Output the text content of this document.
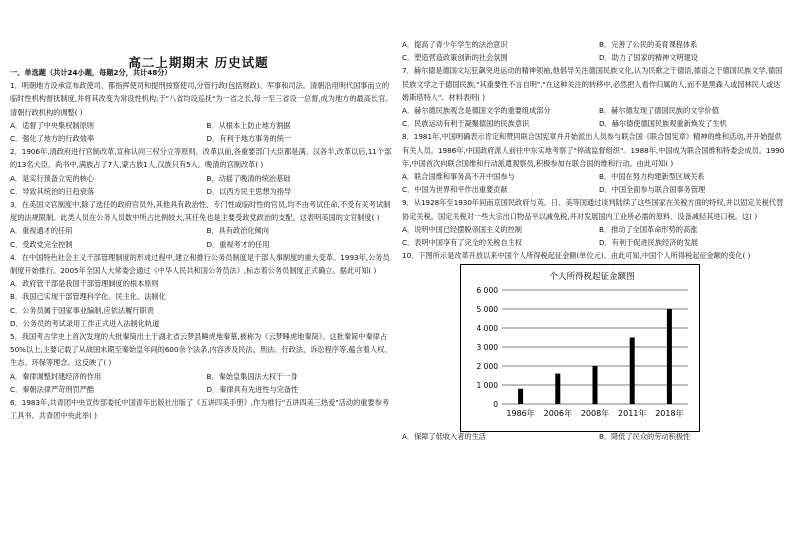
高二上期期末 历史试题
一、单选题（共计24小题，每题2分，共计48分）
1．明朝地方设承宣布政使司、都指挥使司和提刑按察使司,分管行政(包括财政)、军事和司法。清朝沿用明代国事而立的临时性机构督抚制度,并将其改变为常设性机构;于"八省均设巡抚"为一省之长,每一至三省设一总督,成为地方的最高长官。清朝行政机构的调整( )
A．适督了中央集权制原则	B．从根本上防止地方割据
C．强化了地方的行政效率	D．有利于地方事务的统一
2．1906年,清政府进行官制改革,宣称认同三权分立等原则。改革以前,各重要部门大臣都是满、汉各半,改革以后,11个部的13名大臣、尚书中,满族占了7人,蒙古族1人,汉族只有5人。晚清的官制改革( )
A．是实行预备立宪的核心	B．动摇了晚清的统治基础
C．导致其统治的日趋衰落	D．以西方民主思想为指导
3．在美国文官制度中,除了选任的政府官员外,其他具有政治性、专门性或临时性的官员,均不由考试任命,不受有关考试制度的法规限制。此类人员在公务人员数中所占比例较大,其任免也是主要受政党政治的支配。这表明美国的文官制度( )
A．重视通才的任用	B．具有政治化倾向
C．受政党完全控制	D．重视考才的任用
4．在中国特色社会主义干部管理制度的形成过程中,建立和推行公务员制度是干部人事制度的重大变革。1993年,公务员制度开始推行。2005年全国人大常委会通过《中华人民共和国公务员法》,标志着公务员制度正式确立。据此可知( )
A．政府管干部是我国干部管理制度的根本原则
B．我国已实现干部管理科学化、民主化、法制化
C．公务员属于国家事业编制,应依法履行职责
D．公务员的考试录用工作正式进入法制化轨道
5．我国考古学史上首次发现的大批秦简出土于湖北省云梦县睡虎地秦墓,被称为《云梦睡虎地秦简》。这批秦简中秦律占50%以上,主要记载了从战国末期至秦始皇年间的600余个法条,内容涉及民法、刑法、行政法、诉讼程序等,蕴含着人权、生态、环保等理念。这反映了( )
A．秦律调整封建经济的作用	B．秦始皇集国法大权于一身
C．秦朝法律严苛刑罚严酷	D．秦律具有先进性与完备性
6．1983年,共青团中央宣传部委托中国青年出版社出版了《五讲四美手册》,作为推行"五讲四美三热爱"活动的重要参考工具书。共青团中央此举( )
A．提高了青少年学生的法治意识	B．完善了公民的美育课程体系
C．塑造营造政策创新的社会氛围	D．助力了国家的精神文明建设
7．赫尔德是德国文坛狂飙突进运动的精神领袖,他倡导关注德国民族文化,认为民歌之于德语,德语之于德国民族文学,德国民族文学之于德国民族,"其重要性不言自明","在这种关注的转移中,必然把人看作归属的人,而不是黑森人或园林民人或达姆斯塔特人"。材料表明( )
A．赫尔德民族观念是德国文学的重要组成部分	B．赫尔德发现了德国民族的文学价值
C．民族运动有利于凝聚德国的民族意识	D．赫尔德使德国民族观重新焕发了生机
8．1981年,中国明确表示肯定和赞同联合国宪章并开始派出人员参与联合国《联合国宪章》精神的维和活动,并开始提供有关人员。1986年,中国政府派人前往中东实地考察了"停战监督组织"。1988年,中国成为联合国维和特委会成员。1990年,中国首次向联合国维和行动派遣观察员,积极参加在联合国的维和行动。由此可知( )
A．联合国维和事务高不开中国参与	B．中国在努力构建新型区域关系
C．中国为世界和平作出重要贡献	D．中国全面参与联合国事务管理
9．从1928年至1930年间南京国民政府与英、日、美等国通过谈判陆续了这些国家在关税方面的特权,并以固定关税代替协定关税。国定关税对一些大宗出口物品平以减免税,并对发展国内工业所必需的原料、设备减轻其进口税。这( )
A．说明中国已经摆脱帝国主义的控制	B．推动了全国革命形势的高涨
C．表明中国享有了完全的关税自主权	D．有利于促进民族经济的发展
10．下图所示是改革开放以来中国个人所得税起征金额(单位元)。由此可知,中国个人所得税起征金额的变化( )
个人所得税起征金额图
0
1 000
2 000
3 000
4 000
5 000
6 000
1986年 2006年 2008年 2011年 2018年
A．保障了低收入者的生活	B．降低了民众的劳动积极性
